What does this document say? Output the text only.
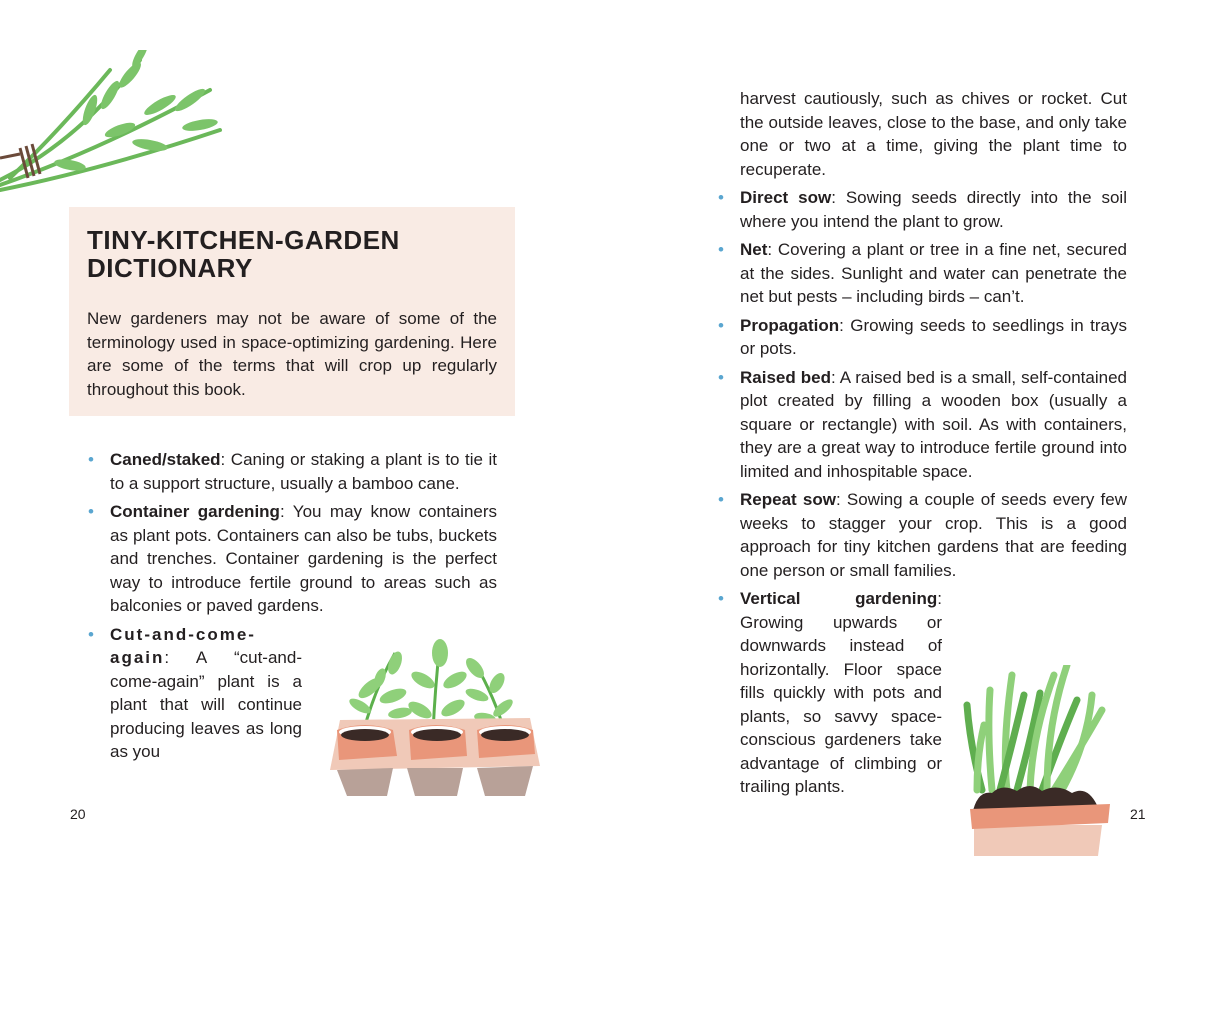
TINY-KITCHEN-GARDEN
DICTIONARY

New gardeners may not be aware of some of the terminology used in space-optimizing gardening. Here are some of the terms that will crop up regularly throughout this book.

• Caned/staked: Caning or staking a plant is to tie it to a support structure, usually a bamboo cane.
• Container gardening: You may know containers as plant pots. Containers can also be tubs, buckets and trenches. Container gardening is the perfect way to introduce fertile ground to areas such as balconies or paved gardens.
• Cut-and-come-again: A “cut-and-come-again” plant is a plant that will continue producing leaves as long as you
20

harvest cautiously, such as chives or rocket. Cut the outside leaves, close to the base, and only take one or two at a time, giving the plant time to recuperate.

• Direct sow: Sowing seeds directly into the soil where you intend the plant to grow.
• Net: Covering a plant or tree in a fine net, secured at the sides. Sunlight and water can penetrate the net but pests – including birds – can’t.
• Propagation: Growing seeds to seedlings in trays or pots.
• Raised bed: A raised bed is a small, self-contained plot created by filling a wooden box (usually a square or rectangle) with soil. As with containers, they are a great way to introduce fertile ground into limited and inhospitable space.
• Repeat sow: Sowing a couple of seeds every few weeks to stagger your crop. This is a good approach for tiny kitchen gardens that are feeding one person or small families.
• Vertical gardening: Growing upwards or downwards instead of horizontally. Floor space fills quickly with pots and plants, so savvy space-conscious gardeners take advantage of climbing or trailing plants.
21
